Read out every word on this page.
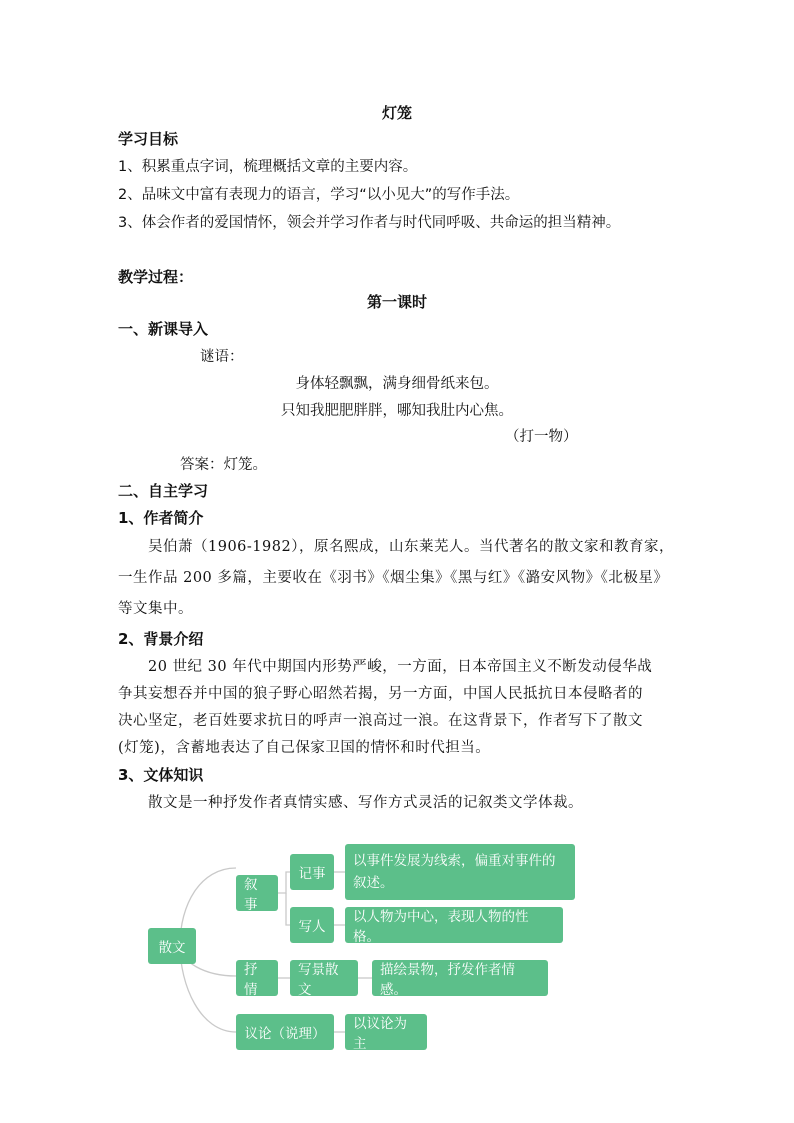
灯笼
学习目标
1、积累重点字词，梳理概括文章的主要内容。
2、品味文中富有表现力的语言，学习“以小见大”的写作手法。
3、体会作者的爱国情怀，领会并学习作者与时代同呼吸、共命运的担当精神。
教学过程：
第一课时
一、新课导入
谜语：
身体轻飘飘，满身细骨纸来包。
只知我肥肥胖胖，哪知我肚内心焦。
（打一物）
答案：灯笼。
二、自主学习
1、作者简介
吴伯萧（1906-1982），原名熙成，山东莱芜人。当代著名的散文家和教育家，
一生作品 200 多篇，主要收在《羽书》《烟尘集》《黑与红》《潞安风物》《北极星》
等文集中。
2、背景介绍
20 世纪 30 年代中期国内形势严峻，一方面，日本帝国主义不断发动侵华战
争其妄想吞并中国的狼子野心昭然若揭，另一方面，中国人民抵抗日本侵略者的
决心坚定，老百姓要求抗日的呼声一浪高过一浪。在这背景下，作者写下了散文
(灯笼)，含蓄地表达了自己保家卫国的情怀和时代担当。
3、文体知识
散文是一种抒发作者真情实感、写作方式灵活的记叙类文学体裁。
散文
叙事
记事
以事件发展为线索，偏重对事件的叙述。
写人
以人物为中心，表现人物的性格。
抒情
写景散文
描绘景物，抒发作者情感。
议论（说理）
以议论为主
